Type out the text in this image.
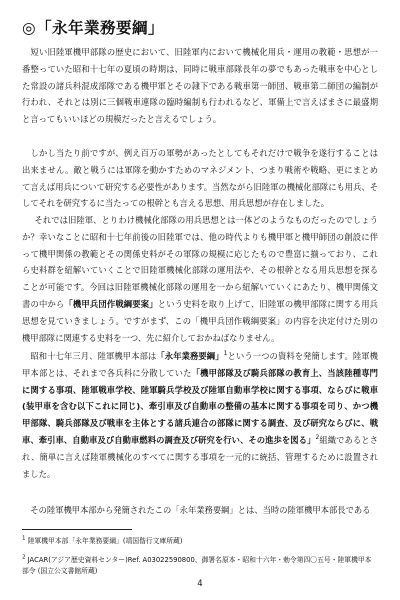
◎「永年業務要綱」

短い旧陸軍機甲部隊の歴史において、旧陸軍内において機械化用兵・運用の教範・思想が一番整っていた昭和十七年の夏頃の時期は、同時に戦車部隊長年の夢でもあった戦車を中心とした常設の諸兵科混成部隊である機甲軍とその隷下である戦車第一師団、戦車第二師団の編制が行われ、それとは別に三個戦車連隊の臨時編制も行われるなど、軍備上で言えばまさに最盛期と言ってもいいほどの規模だったと言えるでしょう。

しかし当たり前ですが、例え百万の軍勢があったとしてもそれだけで戦争を遂行することは出来ません。敵と戦うには軍隊を動かすためのマネジメント、つまり戦術や戦略、更にまとめて言えば用兵について研究する必要性があります。当然ながら旧陸軍の機械化部隊にも用兵、そしてそれを研究するに当たっての根幹とも言える思想、用兵思想が存在しました。

それでは旧陸軍、とりわけ機械化部隊の用兵思想とは一体どのようなものだったのでしょうか？幸いなことに昭和十七年前後の旧陸軍では、他の時代よりも機甲軍と機甲師団の創設に伴って機甲関係の教範とその関係史料がその軍隊の規模に応じたもので豊富に揃っており、これら史料群を紐解いていくことで旧陸軍機械化部隊の運用法や、その根幹となる用兵思想を探ることが可能です。今回は旧陸軍機械化部隊の運用を一から紐解いていくにあたり、機甲関係文書の中から「機甲兵団作戦綱要案」という史料を取り上げて、旧陸軍の機甲部隊に関する用兵思想を見ていきましょう。ですがまず、この「機甲兵団作戦綱要案」の内容を決定付けた別の機甲部隊に関連する史料を一つ、先に紹介しておかねばなりません。

昭和十七年三月、陸軍機甲本部は「永年業務要綱」$^1$という一つの資料を発簡します。陸軍機甲本部とは、それまで各兵科に分散していた「機甲部隊及び騎兵部隊の教育上、当該陸種専門に関する事項、陸軍戦車学校、陸軍騎兵学校及び陸軍自動車学校に関する事項、ならびに戦車(装甲車を含む以下これに同じ)、牽引車及び自動車の整備の基本に関する事項を司り、かつ機甲部隊、騎兵部隊及び戦車を主体とする諸兵連合の部隊に関する調査、及び研究ならびに、戦車、牽引車、自動車及び自動車燃料の調査及び研究を行い、その進歩を図る」$^2$組織であるとされ、簡単に言えば陸軍機械化のすべてに関する事項を一元的に統括、管理するために設置されました。

その陸軍機甲本部から発簡されたこの「永年業務要綱」とは、当時の陸軍機甲本部長である

$^1$ 陸軍機甲本部「永年業務要綱」(靖国偕行文庫所蔵)

$^2$ JACAR(アジア歴史資料センター)Ref. A03022590800、御署名原本・昭和十六年・勅令第四〇五号・陸軍機甲本部令 (国立公文書館所蔵)

4
